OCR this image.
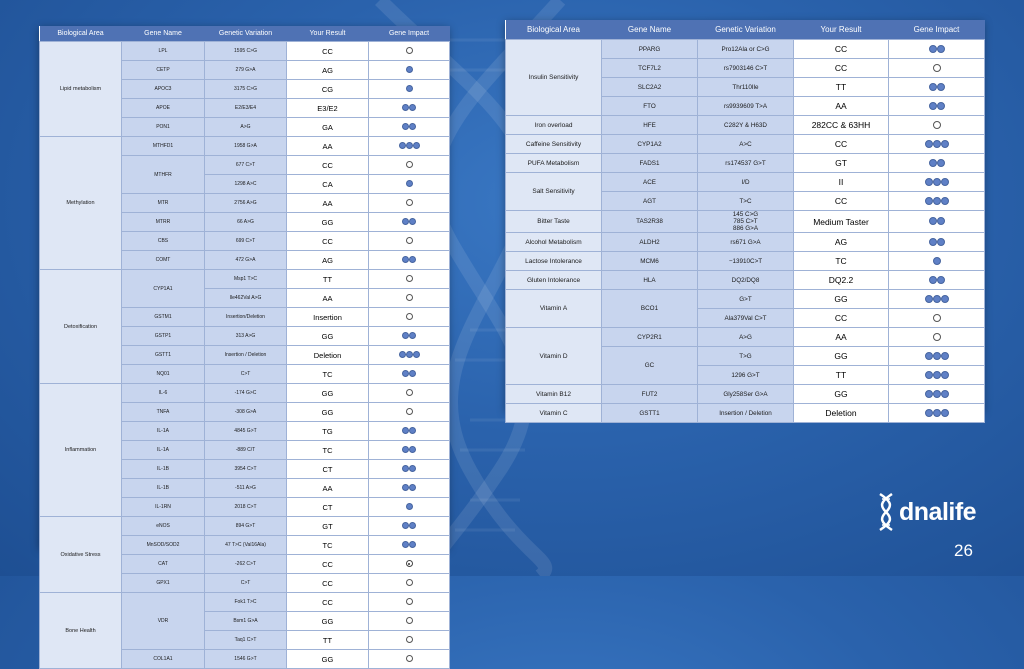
Biological Area	Gene Name	Genetic Variation	Your Result	Gene Impact
Lipid metabolism	LPL	1595 C>G	CC	

	CETP	279 G>A	AG	

	APOC3	3175 C>G	CG	

	APOE	E2/E3/E4	E3/E2	

	PON1	A>G	GA	

Methylation	MTHFD1	1958 G>A	AA	

	MTHFR	677 C>T	CC	

		1298 A>C	CA	

	MTR	2756 A>G	AA	

	MTRR	66 A>G	GG	

	CBS	699 C>T	CC	

	COMT	472 G>A	AG	

Detoxification	CYP1A1	Msp1 T>C	TT	

		Ile462Val A>G	AA	

	GSTM1	Insertion/Deletion	Insertion	

	GSTP1	313 A>G	GG	

	GSTT1	Insertion / Deletion	Deletion	

	NQ01	C>T	TC	

Inflammation	IL-6	-174 G>C	GG	

	TNFA	-308 G>A	GG	

	IL-1A	4845 G>T	TG	

	IL-1A	-889 C/T	TC	

	IL-1B	3954 C>T	CT	

	IL-1B	-511 A>G	AA	

	IL-1RN	2018 C>T	CT	

Oxidative Stress	eNOS	894 G>T	GT	

	MnSOD/SOD2	47 T>C (Val16Ala)	TC	

	CAT	-262 C>T	CC	

	GPX1	C>T	CC	

Bone Health	VDR	Fok1 T>C	CC	

		Bsm1 G>A	GG	

		Taq1 C>T	TT	

	COL1A1	1546 G>T	GG	
Biological Area	Gene Name	Genetic Variation	Your Result	Gene Impact
Insulin Sensitivity	PPARG	Pro12Ala or C>G	CC	

	TCF7L2	rs7903146 C>T	CC	

	SLC2A2	Thr110Ile	TT	

	FTO	rs9939609 T>A	AA	

Iron overload	HFE	C282Y & H63D	282CC & 63HH	

Caffeine Sensitivity	CYP1A2	A>C	CC	

PUFA Metabolism	FADS1	rs174537 G>T	GT	

Salt Sensitivity	ACE	I/D	II	

	AGT	T>C	CC	

Bitter Taste	TAS2R38	145 C>G
785 C>T
886 G>A	Medium Taster	

Alcohol Metabolism	ALDH2	rs671 G>A	AG	

Lactose Intolerance	MCM6	−13910C>T	TC	

Gluten Intolerance	HLA	DQ2/DQ8	DQ2.2	

Vitamin A	BCO1	G>T	GG	

		Ala379Val C>T	CC	

Vitamin D	CYP2R1	A>G	AA	

	GC	T>G	GG	

		1296 G>T	TT	

Vitamin B12	FUT2	Gly258Ser G>A	GG	

Vitamin C	GSTT1	Insertion / Deletion	Deletion	
dnalife
26
